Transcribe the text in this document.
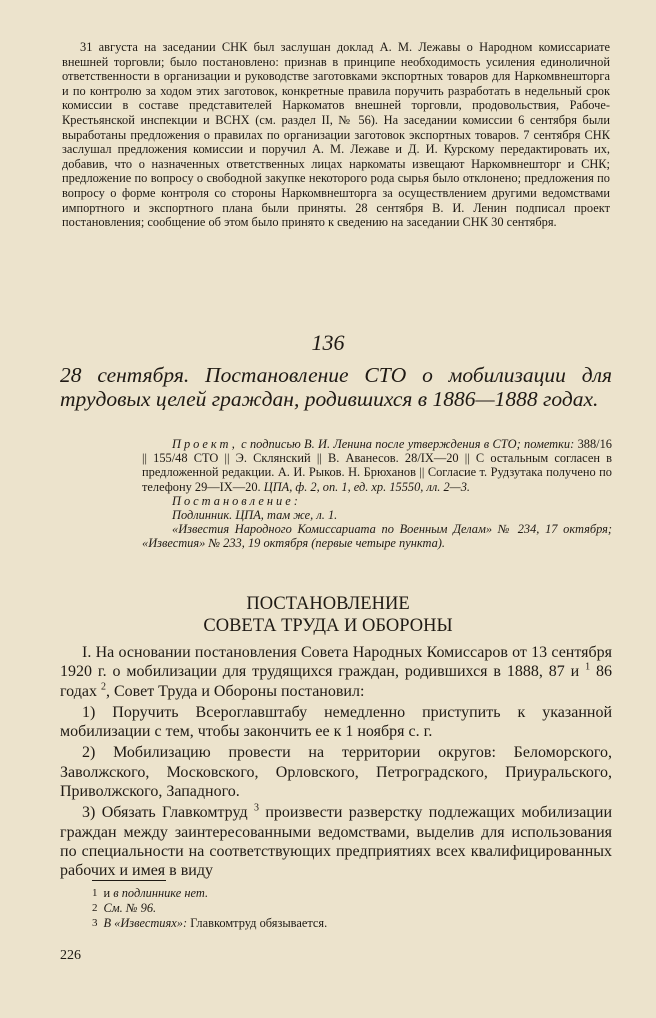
31 августа на заседании СНК был заслушан доклад А. М. Лежавы о Народном комиссариате внешней торговли; было постановлено: признав в принципе необходимость усиления единоличной ответственности в организации и руководстве заготовками экспортных товаров для Наркомвнешторга и по контролю за ходом этих заготовок, конкретные правила поручить разработать в недельный срок комиссии в составе представителей Наркоматов внешней торговли, продовольствия, Рабоче-Крестьянской инспекции и ВСНХ (см. раздел II, № 56). На заседании комиссии 6 сентября были выработаны предложения о правилах по организации заготовок экспортных товаров. 7 сентября СНК заслушал предложения комиссии и поручил А. М. Лежаве и Д. И. Курскому передактировать их, добавив, что о назначенных ответственных лицах наркоматы извещают Наркомвнешторг и СНК; предложение по вопросу о свободной закупке некоторого рода сырья было отклонено; предложения по вопросу о форме контроля со стороны Наркомвнешторга за осуществлением другими ведомствами импортного и экспортного плана были приняты. 28 сентября В. И. Ленин подписал проект постановления; сообщение об этом было принято к сведению на заседании СНК 30 сентября.

136

28 сентября. Постановление СТО о мобилизации для трудовых целей граждан, родившихся в 1886—1888 годах.

Проект, с подписью В. И. Ленина после утверждения в СТО; пометки: 388/16 || 155/48 СТО || Э. Склянский || В. Аванесов. 28/IX—20 || С остальным согласен в предложенной редакции. А. И. Рыков. Н. Брюханов || Согласие т. Рудзутака получено по телефону 29—IX—20. ЦПА, ф. 2, оп. 1, ед. хр. 15550, лл. 2—3.

Постановление:

Подлинник. ЦПА, там же, л. 1.

«Известия Народного Комиссариата по Военным Делам» № 234, 17 октября; «Известия» № 233, 19 октября (первые четыре пункта).

ПОСТАНОВЛЕНИЕ
СОВЕТА ТРУДА И ОБОРОНЫ

I. На основании постановления Совета Народных Комиссаров от 13 сентября 1920 г. о мобилизации для трудящихся граждан, родившихся в 1888, 87 и $^1$ 86 годах $^2$, Совет Труда и Обороны постановил:

1) Поручить Всероглавштабу немедленно приступить к указанной мобилизации с тем, чтобы закончить ее к 1 ноября с. г.

2) Мобилизацию провести на территории округов: Беломорского, Заволжского, Московского, Орловского, Петроградского, Приуральского, Приволжского, Западного.

3) Обязать Главкомтруд $^3$ произвести разверстку подлежащих мобилизации граждан между заинтересованными ведомствами, выделив для использования по специальности на соответствующих предприятиях всех квалифицированных рабочих и имея в виду

$^1$ и в подлиннике нет.
$^2$ См. № 96.
$^3$ В «Известиях»: Главкомтруд обязывается.
226
